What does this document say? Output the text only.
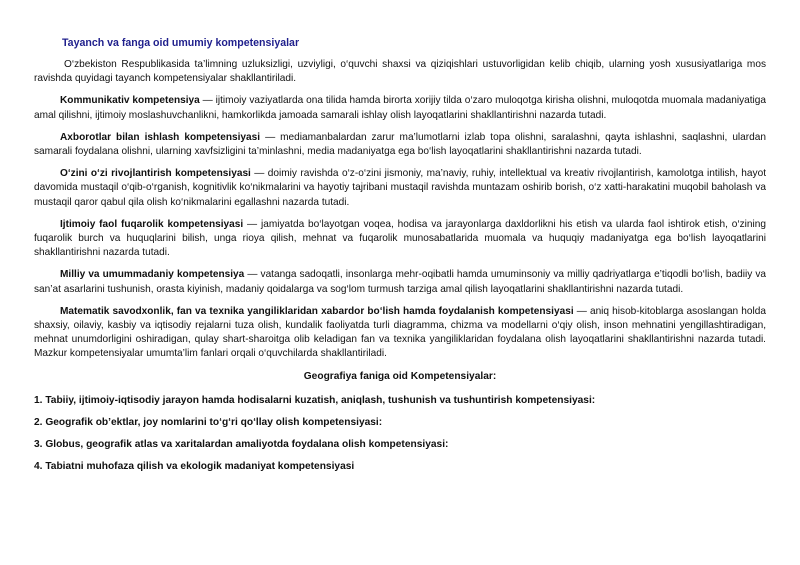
Tayanch va fanga oid umumiy kompetensiyalar

O‘zbekiston Respublikasida ta’limning uzluksizligi, uzviyligi, o‘quvchi shaxsi va qiziqishlari ustuvorligidan kelib chiqib, ularning yosh xususiyatlariga mos ravishda quyidagi tayanch kompetensiyalar shakllantiriladi.

Kommunikativ kompetensiya — ijtimoiy vaziyatlarda ona tilida hamda birorta xorijiy tilda o‘zaro muloqotga kirisha olishni, muloqotda muomala madaniyatiga amal qilishni, ijtimoiy moslashuvchanlikni, hamkorlikda jamoada samarali ishlay olish layoqatlarini shakllantirishni nazarda tutadi.

Axborotlar bilan ishlash kompetensiyasi — mediamanbalardan zarur ma’lumotlarni izlab topa olishni, saralashni, qayta ishlashni, saqlashni, ulardan samarali foydalana olishni, ularning xavfsizligini ta’minlashni, media madaniyatga ega bo‘lish layoqatlarini shakllantirishni nazarda tutadi.

O‘zini o‘zi rivojlantirish kompetensiyasi — doimiy ravishda o‘z-o‘zini jismoniy, ma’naviy, ruhiy, intellektual va kreativ rivojlantirish, kamolotga intilish, hayot davomida mustaqil o‘qib-o‘rganish, kognitivlik ko‘nikmalarini va hayotiy tajribani mustaqil ravishda muntazam oshirib borish, o‘z xatti-harakatini muqobil baholash va mustaqil qaror qabul qila olish ko‘nikmalarini egallashni nazarda tutadi.

Ijtimoiy faol fuqarolik kompetensiyasi — jamiyatda bo‘layotgan voqea, hodisa va jarayonlarga daxldorlikni his etish va ularda faol ishtirok etish, o‘zining fuqarolik burch va huquqlarini bilish, unga rioya qilish, mehnat va fuqarolik munosabatlarida muomala va huquqiy madaniyatga ega bo‘lish layoqatlarini shakllantirishni nazarda tutadi.

Milliy va umummadaniy kompetensiya — vatanga sadoqatli, insonlarga mehr-oqibatli hamda umuminsoniy va milliy qadriyatlarga e’tiqodli bo‘lish, badiiy va san’at asarlarini tushunish, orasta kiyinish, madaniy qoidalarga va sog‘lom turmush tarziga amal qilish layoqatlarini shakllantirishni nazarda tutadi.

Matematik savodxonlik, fan va texnika yangiliklaridan xabardor bo‘lish hamda foydalanish kompetensiyasi — aniq hisob-kitoblarga asoslangan holda shaxsiy, oilaviy, kasbiy va iqtisodiy rejalarni tuza olish, kundalik faoliyatda turli diagramma, chizma va modellarni o‘qiy olish, inson mehnatini yengillashtiradigan, mehnat unumdorligini oshiradigan, qulay shart-sharoitga olib keladigan fan va texnika yangiliklaridan foydalana olish layoqatlarini shakllantirishni nazarda tutadi. Mazkur kompetensiyalar umumta’lim fanlari orqali o‘quvchilarda shakllantiriladi.

Geografiya faniga oid Kompetensiyalar:
1. Tabiiy, ijtimoiy-iqtisodiy jarayon hamda hodisalarni kuzatish, aniqlash, tushunish va tushuntirish kompetensiyasi:
2. Geografik ob’ektlar, joy nomlarini to‘g‘ri qo‘llay olish kompetensiyasi:
3. Globus, geografik atlas va xaritalardan amaliyotda foydalana olish kompetensiyasi:
4. Tabiatni muhofaza qilish va ekologik madaniyat kompetensiyasi
